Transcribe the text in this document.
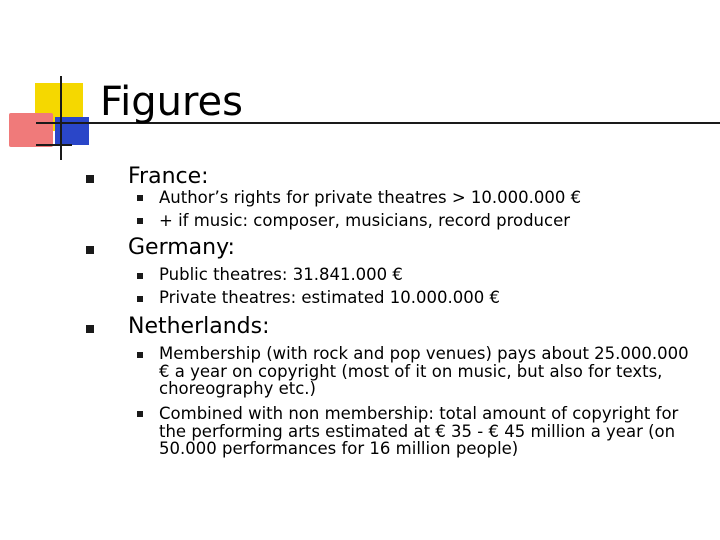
Figures
France:
Author’s rights for private theatres > 10.000.000 €
+ if music: composer, musicians, record producer
Germany:
Public theatres: 31.841.000 €
Private theatres: estimated 10.000.000 €
Netherlands:
Membership (with rock and pop venues) pays about 25.000.000 € a year on copyright (most of it on music, but also for texts, choreography etc.)
Combined with non membership: total amount of copyright for the performing arts estimated at € 35 - € 45 million a year (on 50.000 performances for 16 million people)
